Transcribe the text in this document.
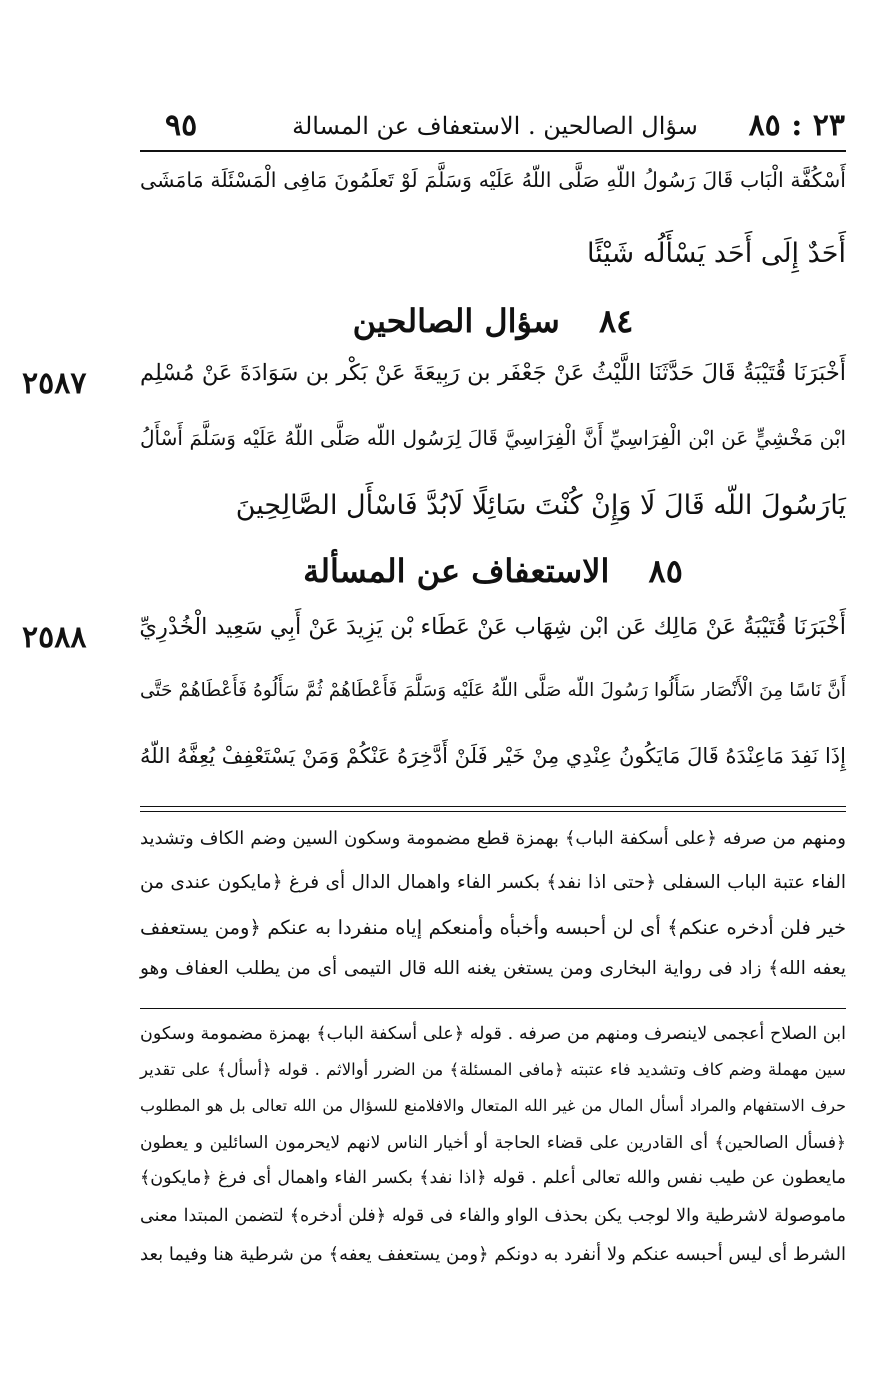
٢٣ : ٨٥
سؤال الصالحين . الاستعفاف عن المسالة
٩٥
أَسْكُفَّة الْبَاب قَالَ رَسُولُ اللّهِ صَلَّى اللّهُ عَلَيْه وَسَلَّمَ لَوْ تَعلَمُونَ مَافِى الْمَسْئَلَة مَامَشَى
أَحَدٌ إِلَى أَحَد يَسْأَلُه شَيْئًا
٨٤ سؤال الصالحين
٢٥٨٧ أَخْبَرَنَا قُتَيْبَةُ قَالَ حَدَّثَنَا اللَّيْثُ عَنْ جَعْفَر بن رَبِيعَةَ عَنْ بَكْر بن سَوَادَةَ عَنْ مُسْلِم
ابْن مَخْشِيٍّ عَن ابْن الْفِرَاسِيِّ أَنَّ الْفِرَاسِيَّ قَالَ لِرَسُول اللّه صَلَّى اللّهُ عَلَيْه وَسَلَّمَ أَسْأَلُ
يَارَسُولَ اللّه قَالَ لَا وَإِنْ كُنْتَ سَائِلًا لَابُدَّ فَاسْأَل الصَّالِحِينَ
٨٥ الاستعفاف عن المسألة
٢٥٨٨ أَخْبَرَنَا قُتَيْبَةُ عَنْ مَالِك عَن ابْن شِهَاب عَنْ عَطَاء بْن يَزِيدَ عَنْ أَبِي سَعِيد الْخُدْرِيِّ
أَنَّ نَاسًا مِنَ الْأَنْصَار سَأَلُوا رَسُولَ اللّه صَلَّى اللّهُ عَلَيْه وَسَلَّمَ فَأَعْطَاهُمْ ثُمَّ سَأَلُوهُ فَأَعْطَاهُمْ حَتَّى
إِذَا نَفِدَ مَاعِنْدَهُ قَالَ مَايَكُونُ عِنْدِي مِنْ خَيْر فَلَنْ أَدَّخِرَهُ عَنْكُمْ وَمَنْ يَسْتَعْفِفْ يُعِفَّهُ اللّهُ
ومنهم من صرفه ﴿على أسكفة الباب﴾ بهمزة قطع مضمومة وسكون السين وضم الكاف وتشديد
الفاء عتبة الباب السفلى ﴿حتى اذا نفد﴾ بكسر الفاء واهمال الدال أى فرغ ﴿مايكون عندى من
خير فلن أدخره عنكم﴾ أى لن أحبسه وأخبأه وأمنعكم إياه منفردا به عنكم ﴿ومن يستعفف
يعفه الله﴾ زاد فى رواية البخارى ومن يستغن يغنه الله قال التيمى أى من يطلب العفاف وهو
ابن الصلاح أعجمى لاينصرف ومنهم من صرفه . قوله ﴿على أسكفة الباب﴾ بهمزة مضمومة وسكون
سين مهملة وضم كاف وتشديد فاء عتبته ﴿مافى المسئلة﴾ من الضرر أوالاثم . قوله ﴿أسأل﴾ على تقدير
حرف الاستفهام والمراد أسأل المال من غير الله المتعال والافلامنع للسؤال من الله تعالى بل هو المطلوب
﴿فسأل الصالحين﴾ أى القادرين على قضاء الحاجة أو أخيار الناس لانهم لايحرمون السائلين و يعطون
مايعطون عن طيب نفس والله تعالى أعلم . قوله ﴿اذا نفد﴾ بكسر الفاء واهمال أى فرغ ﴿مايكون﴾
ماموصولة لاشرطية والا لوجب يكن بحذف الواو والفاء فى قوله ﴿فلن أدخره﴾ لتضمن المبتدا معنى
الشرط أى ليس أحبسه عنكم ولا أنفرد به دونكم ﴿ومن يستعفف يعفه﴾ من شرطية هنا وفيما بعد
